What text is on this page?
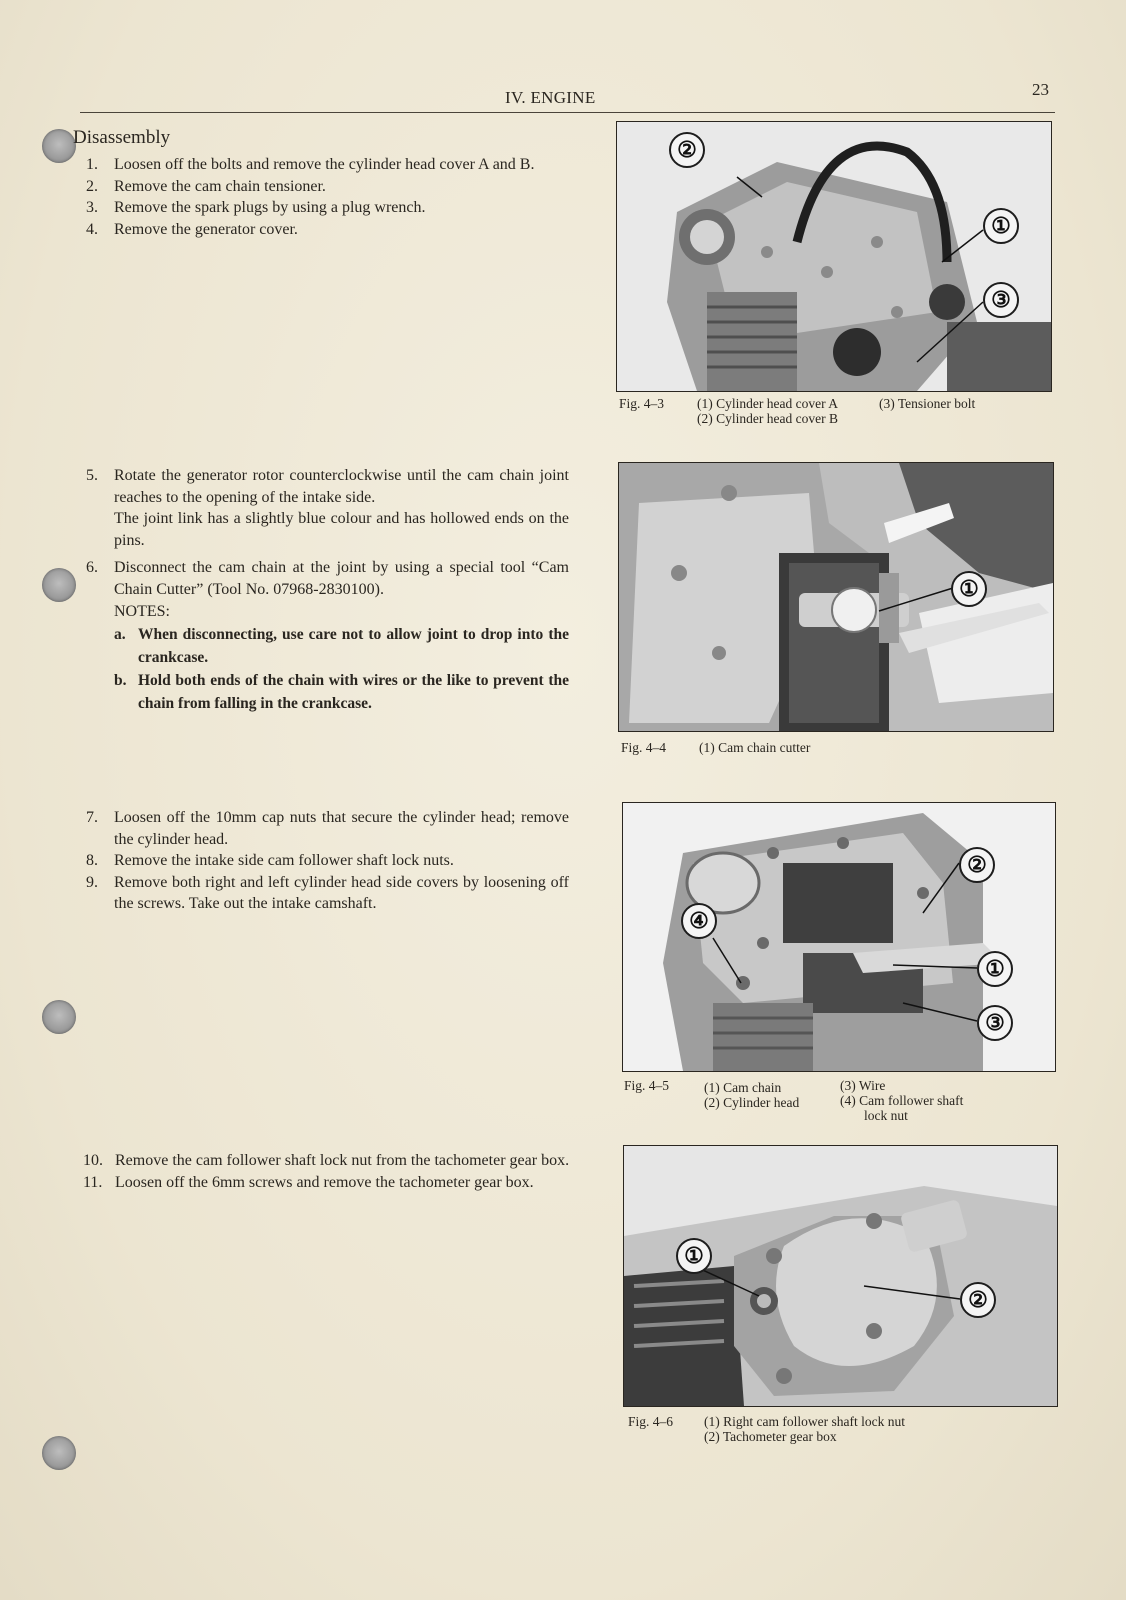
IV. ENGINE	23
Disassembly
1. Loosen off the bolts and remove the cylinder head cover A and B.
2. Remove the cam chain tensioner.
3. Remove the spark plugs by using a plug wrench.
4. Remove the generator cover.
5. Rotate the generator rotor counterclockwise until the cam chain joint reaches to the opening of the intake side.
The joint link has a slightly blue colour and has hollowed ends on the pins.
6. Disconnect the cam chain at the joint by using a special tool “Cam Chain Cutter” (Tool No. 07968-2830100).
NOTES:
a. When disconnecting, use care not to allow joint to drop into the crankcase.
b. Hold both ends of the chain with wires or the like to prevent the chain from falling in the crankcase.
7. Loosen off the 10mm cap nuts that secure the cylinder head; remove the cylinder head.
8. Remove the intake side cam follower shaft lock nuts.
9. Remove both right and left cylinder head side covers by loosening off the screws. Take out the intake camshaft.
10. Remove the cam follower shaft lock nut from the tachometer gear box.
11. Loosen off the 6mm screws and remove the tachometer gear box.
②
①
③
Fig. 4–3 (1) Cylinder head cover A	(3) Tensioner bolt
(2) Cylinder head cover B
①
Fig. 4–4 (1) Cam chain cutter
④
②
①
③
Fig. 4–5	(1) Cam chain
(2) Cylinder head
(3) Wire
(4) Cam follower shaft
lock nut
①
②
Fig. 4–6 (1) Right cam follower shaft lock nut
(2) Tachometer gear box
